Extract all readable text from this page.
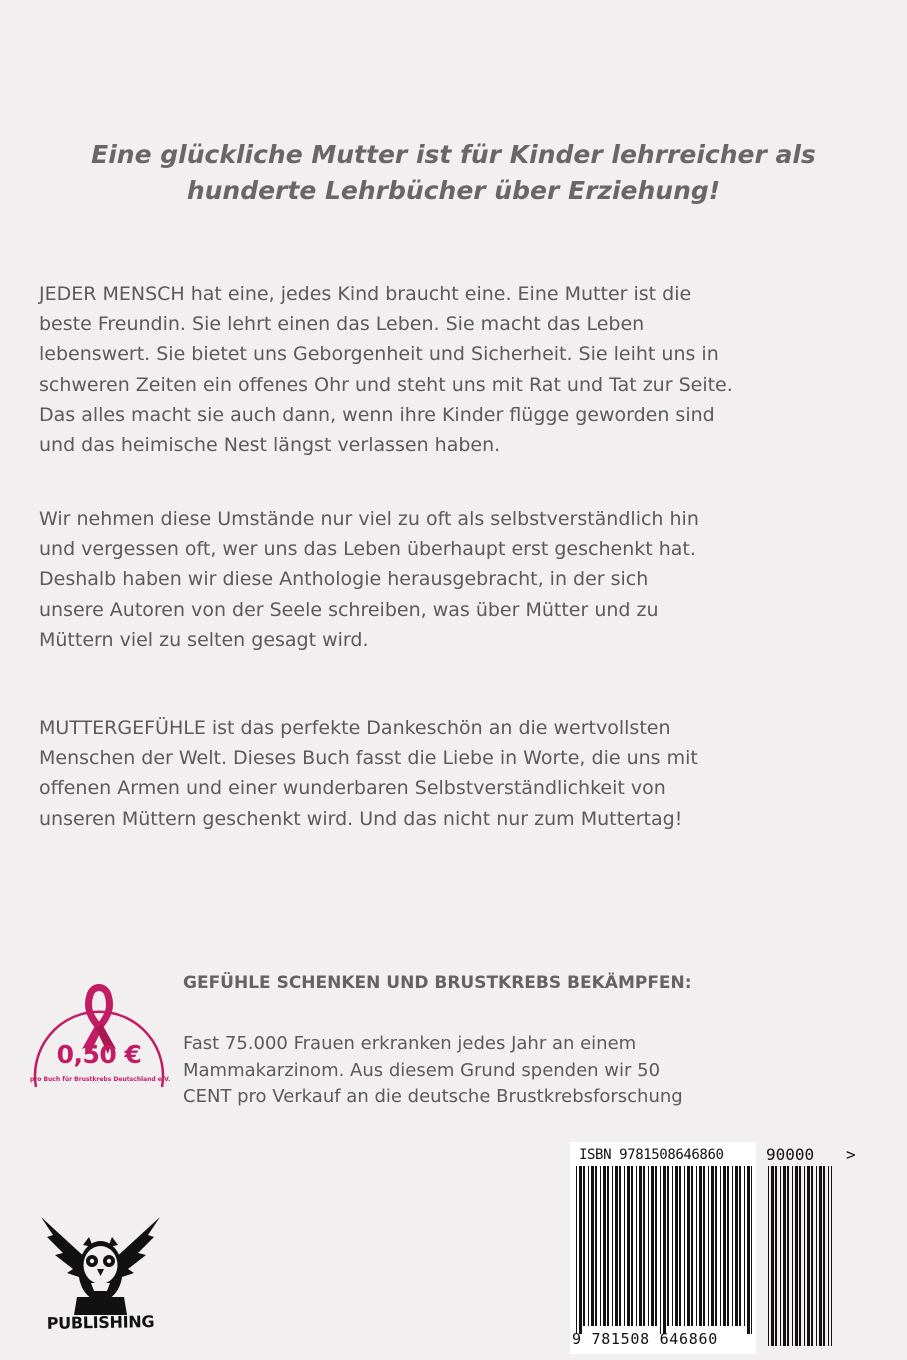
Eine glückliche Mutter ist für Kinder lehrreicher als
hunderte Lehrbücher über Erziehung!
JEDER MENSCH hat eine, jedes Kind braucht eine. Eine Mutter ist die
beste Freundin. Sie lehrt einen das Leben. Sie macht das Leben
lebenswert. Sie bietet uns Geborgenheit und Sicherheit. Sie leiht uns in
schweren Zeiten ein offenes Ohr und steht uns mit Rat und Tat zur Seite.
Das alles macht sie auch dann, wenn ihre Kinder flügge geworden sind
und das heimische Nest längst verlassen haben.
Wir nehmen diese Umstände nur viel zu oft als selbstverständlich hin
und vergessen oft, wer uns das Leben überhaupt erst geschenkt hat.
Deshalb haben wir diese Anthologie herausgebracht, in der sich
unsere Autoren von der Seele schreiben, was über Mütter und zu
Müttern viel zu selten gesagt wird.
MUTTERGEFÜHLE ist das perfekte Dankeschön an die wertvollsten
Menschen der Welt. Dieses Buch fasst die Liebe in Worte, die uns mit
offenen Armen und einer wunderbaren Selbstverständlichkeit von
unseren Müttern geschenkt wird. Und das nicht nur zum Muttertag!
0,50 €
pro Buch für Brustkrebs Deutschland e.V.
GEFÜHLE SCHENKEN UND BRUSTKREBS BEKÄMPFEN:
Fast 75.000 Frauen erkranken jedes Jahr an einem
Mammakarzinom. Aus diesem Grund spenden wir 50
CENT pro Verkauf an die deutsche Brustkrebsforschung
PUBLISHING
ISBN 9781508646860
9 781508 646860
90000 >
